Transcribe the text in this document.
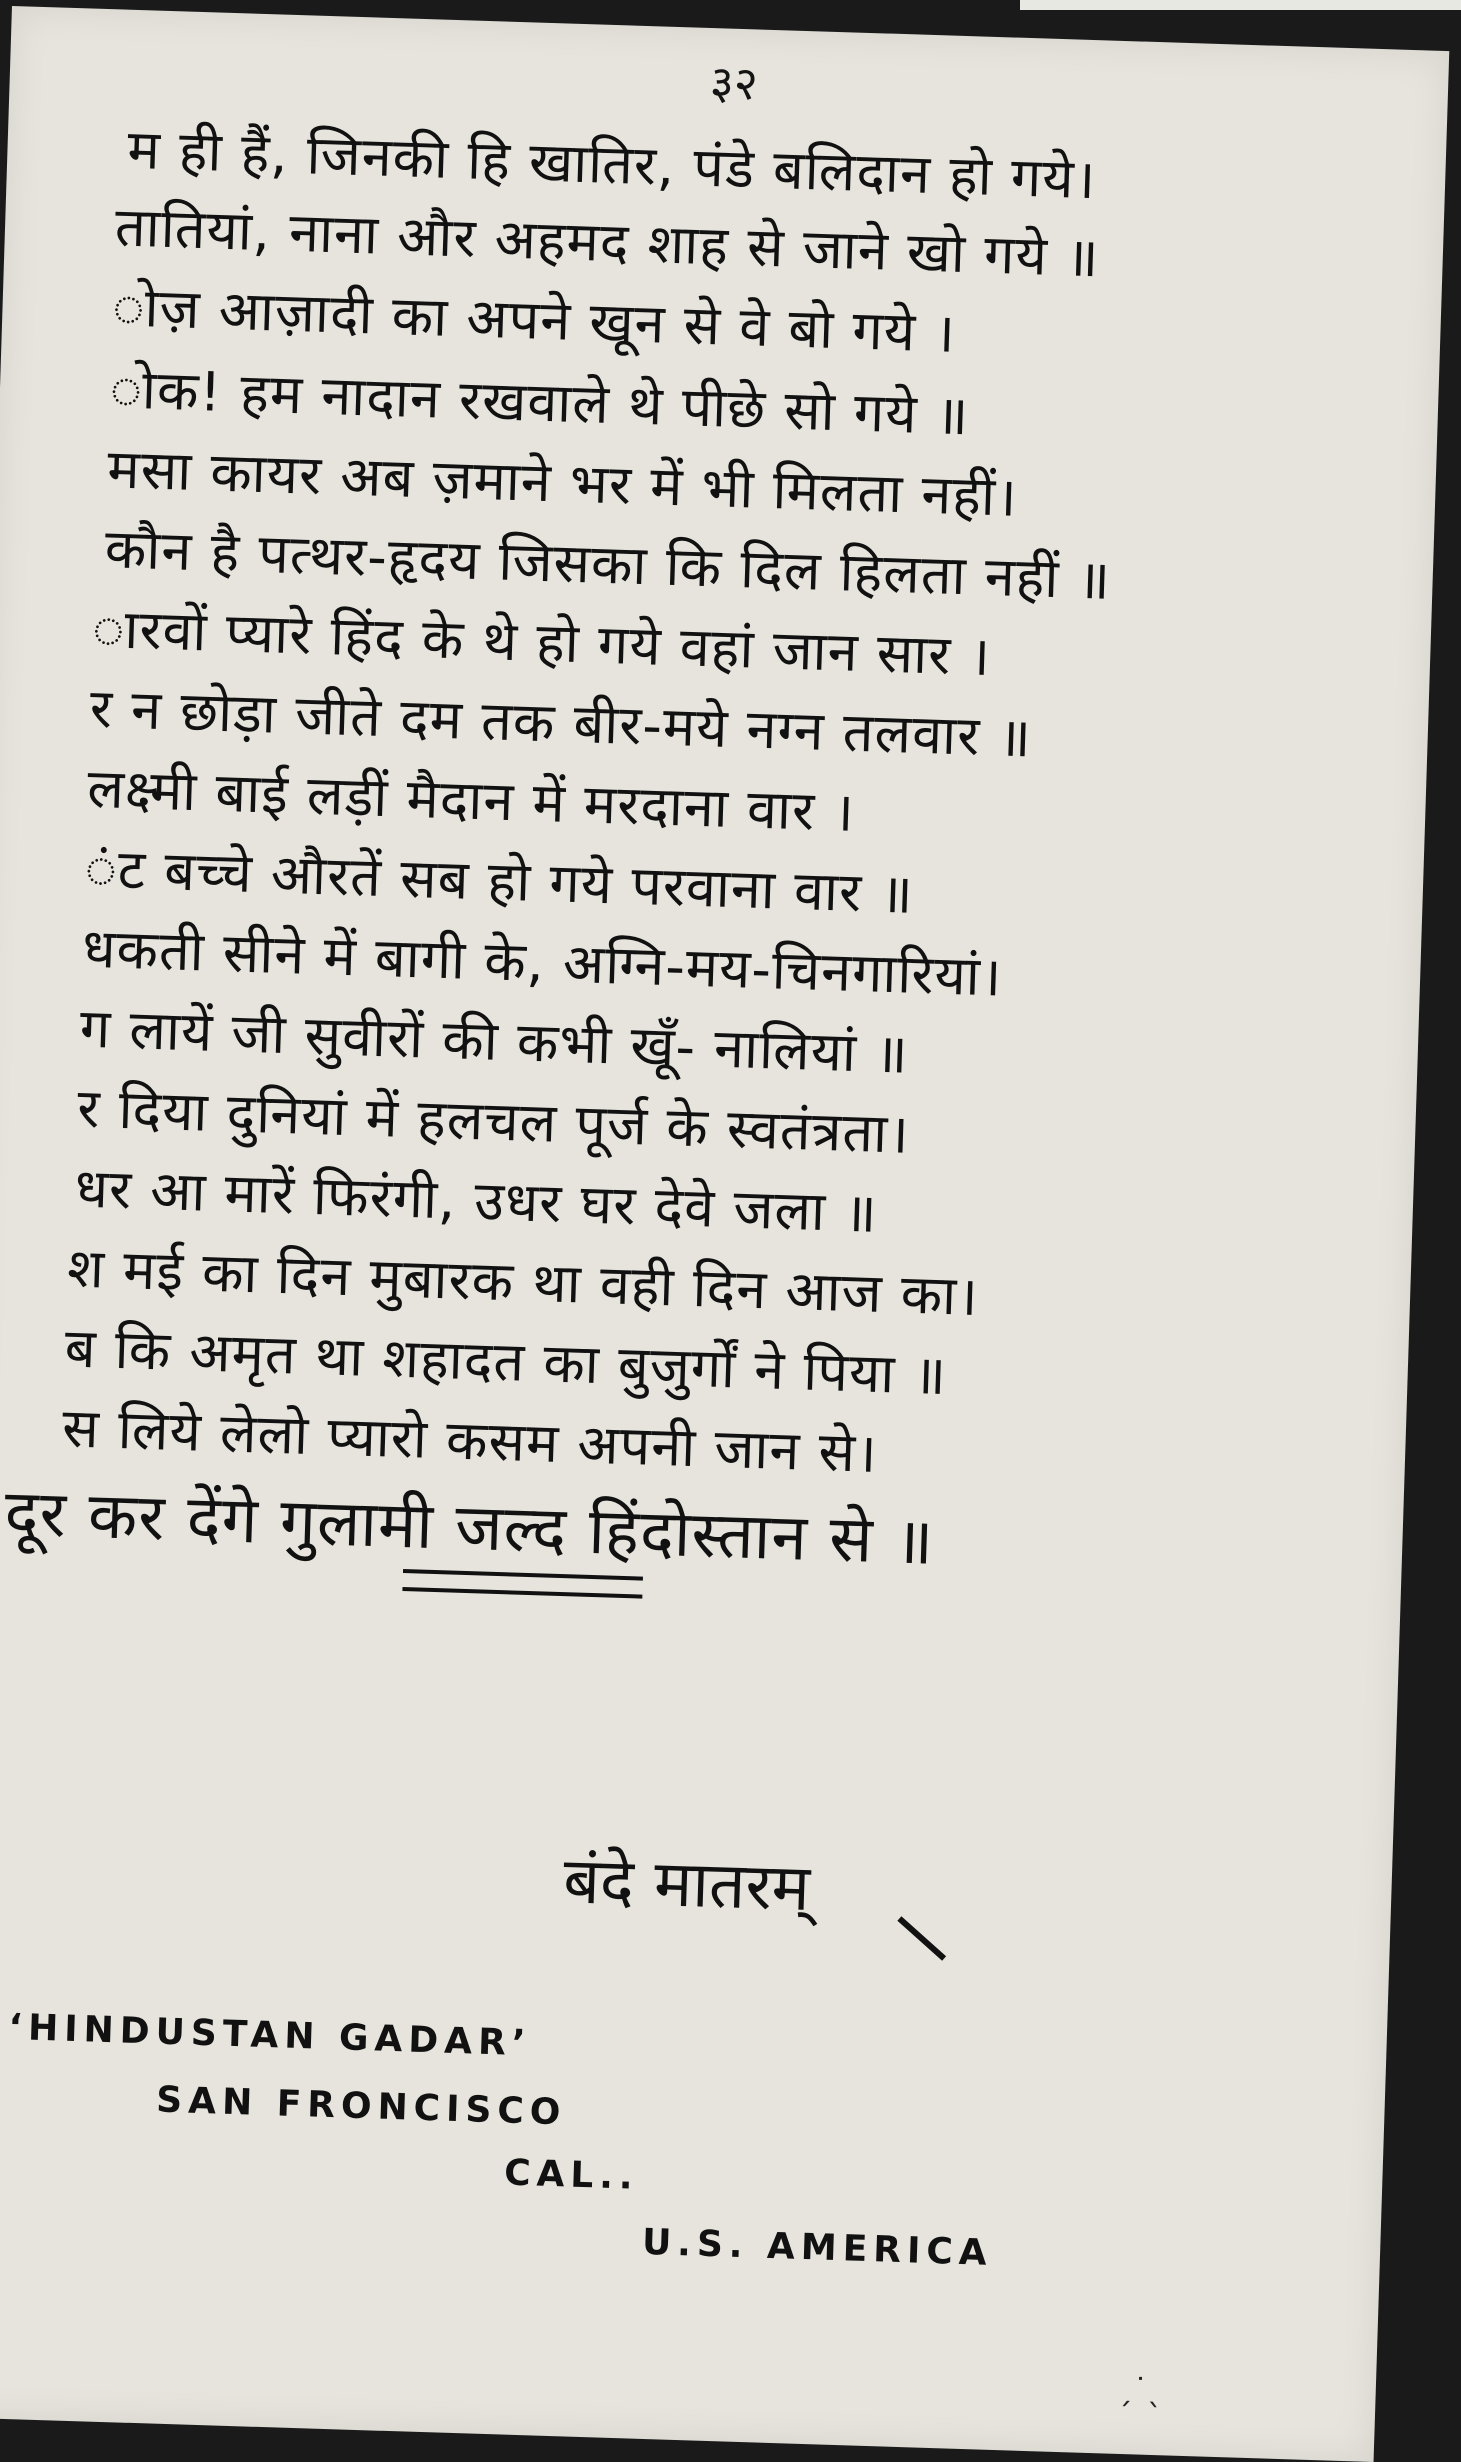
३२
म ही हैं, जिनकी हि खातिर, पंडे बलिदान हो गये।
तातियां, नाना और अहमद शाह से जाने खो गये ॥
ोज़ आज़ादी का अपने खून से वे बो गये ।
ोक! हम नादान रखवाले थे पीछे सो गये ॥
मसा कायर अब ज़माने भर में भी मिलता नहीं।
कौन है पत्थर-हृदय जिसका कि दिल हिलता नहीं ॥
ारवों प्यारे हिंद के थे हो गये वहां जान सार ।
र न छोड़ा जीते दम तक बीर-मये नग्न तलवार ॥
लक्ष्मी बाई लड़ीं मैदान में मरदाना वार ।
ंट बच्चे औरतें सब हो गये परवाना वार ॥
धकती सीने में बागी के, अग्नि-मय-चिनगारियां।
ग लायें जी सुवीरों की कभी खूँ- नालियां ॥
र दिया दुनियां में हलचल पूर्ज के स्वतंत्रता।
धर आ मारें फिरंगी, उधर घर देवे जला ॥
श मई का दिन मुबारक था वही दिन आज का।
ब कि अमृत था शहादत का बुजुर्गों ने पिया ॥
स लिये लेलो प्यारो कसम अपनी जान से।
दूर कर देंगे गुलामी जल्द हिंदोस्तान से ॥
बंदे मातरम्
‘HINDUSTAN GADAR’
SAN FRONCISCO
CAL..
U.S. AMERICA
ˏ˙ˎ
